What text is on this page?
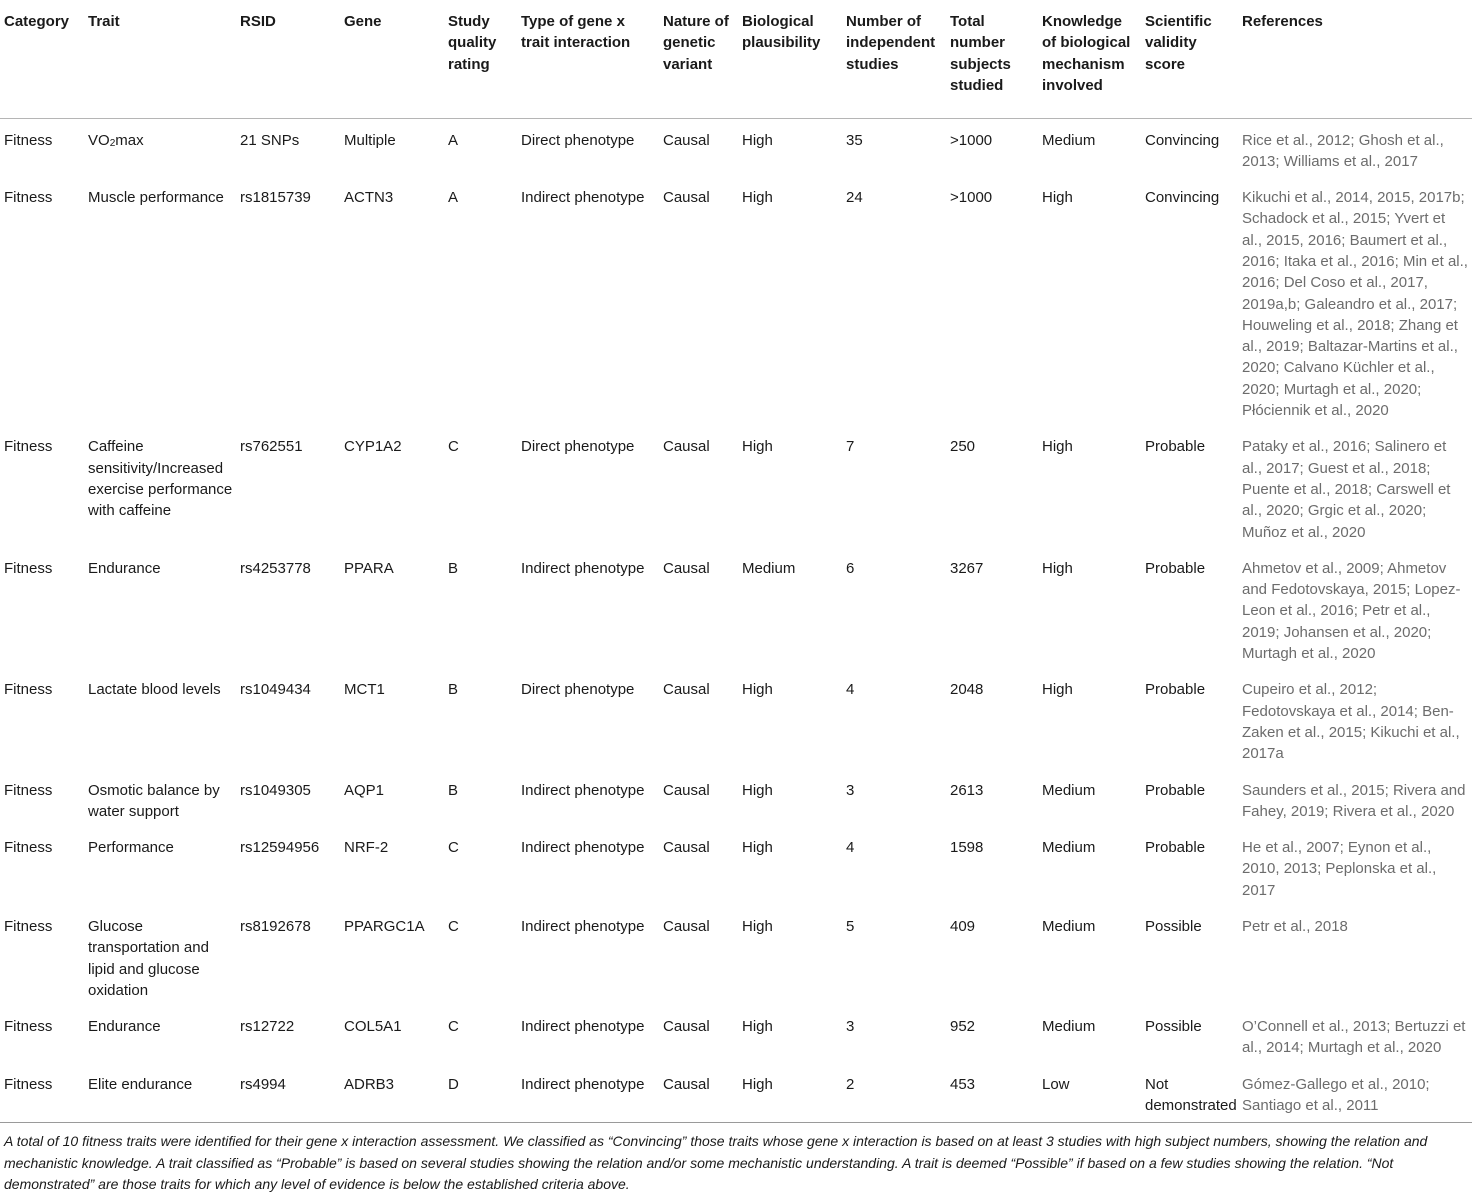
Category	Trait	RSID	Gene	Study quality rating	Type of gene x trait interaction	Nature of genetic variant	Biological plausibility	Number of independent studies	Total number subjects studied	Knowledge of biological mechanism involved	Scientific validity score	References
Fitness	$VO_2\max$	21 SNPs	Multiple	A	Direct phenotype	Causal	High	35	>1000	Medium	Convincing	Rice et al., 2012; Ghosh et al., 2013; Williams et al., 2017
Fitness	Muscle performance	rs1815739	ACTN3	A	Indirect phenotype	Causal	High	24	>1000	High	Convincing	Kikuchi et al., 2014, 2015, 2017b; Schadock et al., 2015; Yvert et al., 2015, 2016; Baumert et al., 2016; Itaka et al., 2016; Min et al., 2016; Del Coso et al., 2017, 2019a,b; Galeandro et al., 2017; Houweling et al., 2018; Zhang et al., 2019; Baltazar-Martins et al., 2020; Calvano Küchler et al., 2020; Murtagh et al., 2020; Płóciennik et al., 2020
Fitness	Caffeine sensitivity/Increased exercise performance with caffeine	rs762551	CYP1A2	C	Direct phenotype	Causal	High	7	250	High	Probable	Pataky et al., 2016; Salinero et al., 2017; Guest et al., 2018; Puente et al., 2018; Carswell et al., 2020; Grgic et al., 2020; Muñoz et al., 2020
Fitness	Endurance	rs4253778	PPARA	B	Indirect phenotype	Causal	Medium	6	3267	High	Probable	Ahmetov et al., 2009; Ahmetov and Fedotovskaya, 2015; Lopez-Leon et al., 2016; Petr et al., 2019; Johansen et al., 2020; Murtagh et al., 2020
Fitness	Lactate blood levels	rs1049434	MCT1	B	Direct phenotype	Causal	High	4	2048	High	Probable	Cupeiro et al., 2012; Fedotovskaya et al., 2014; Ben-Zaken et al., 2015; Kikuchi et al., 2017a
Fitness	Osmotic balance by water support	rs1049305	AQP1	B	Indirect phenotype	Causal	High	3	2613	Medium	Probable	Saunders et al., 2015; Rivera and Fahey, 2019; Rivera et al., 2020
Fitness	Performance	rs12594956	NRF-2	C	Indirect phenotype	Causal	High	4	1598	Medium	Probable	He et al., 2007; Eynon et al., 2010, 2013; Peplonska et al., 2017
Fitness	Glucose transportation and lipid and glucose oxidation	rs8192678	PPARGC1A	C	Indirect phenotype	Causal	High	5	409	Medium	Possible	Petr et al., 2018
Fitness	Endurance	rs12722	COL5A1	C	Indirect phenotype	Causal	High	3	952	Medium	Possible	O’Connell et al., 2013; Bertuzzi et al., 2014; Murtagh et al., 2020
Fitness	Elite endurance	rs4994	ADRB3	D	Indirect phenotype	Causal	High	2	453	Low	Not demonstrated	Gómez-Gallego et al., 2010; Santiago et al., 2011
A total of 10 fitness traits were identified for their gene x interaction assessment. We classified as “Convincing” those traits whose gene x interaction is based on at least 3 studies with high subject numbers, showing the relation and mechanistic knowledge. A trait classified as “Probable” is based on several studies showing the relation and/or some mechanistic understanding. A trait is deemed “Possible” if based on a few studies showing the relation. “Not demonstrated” are those traits for which any level of evidence is below the established criteria above.
